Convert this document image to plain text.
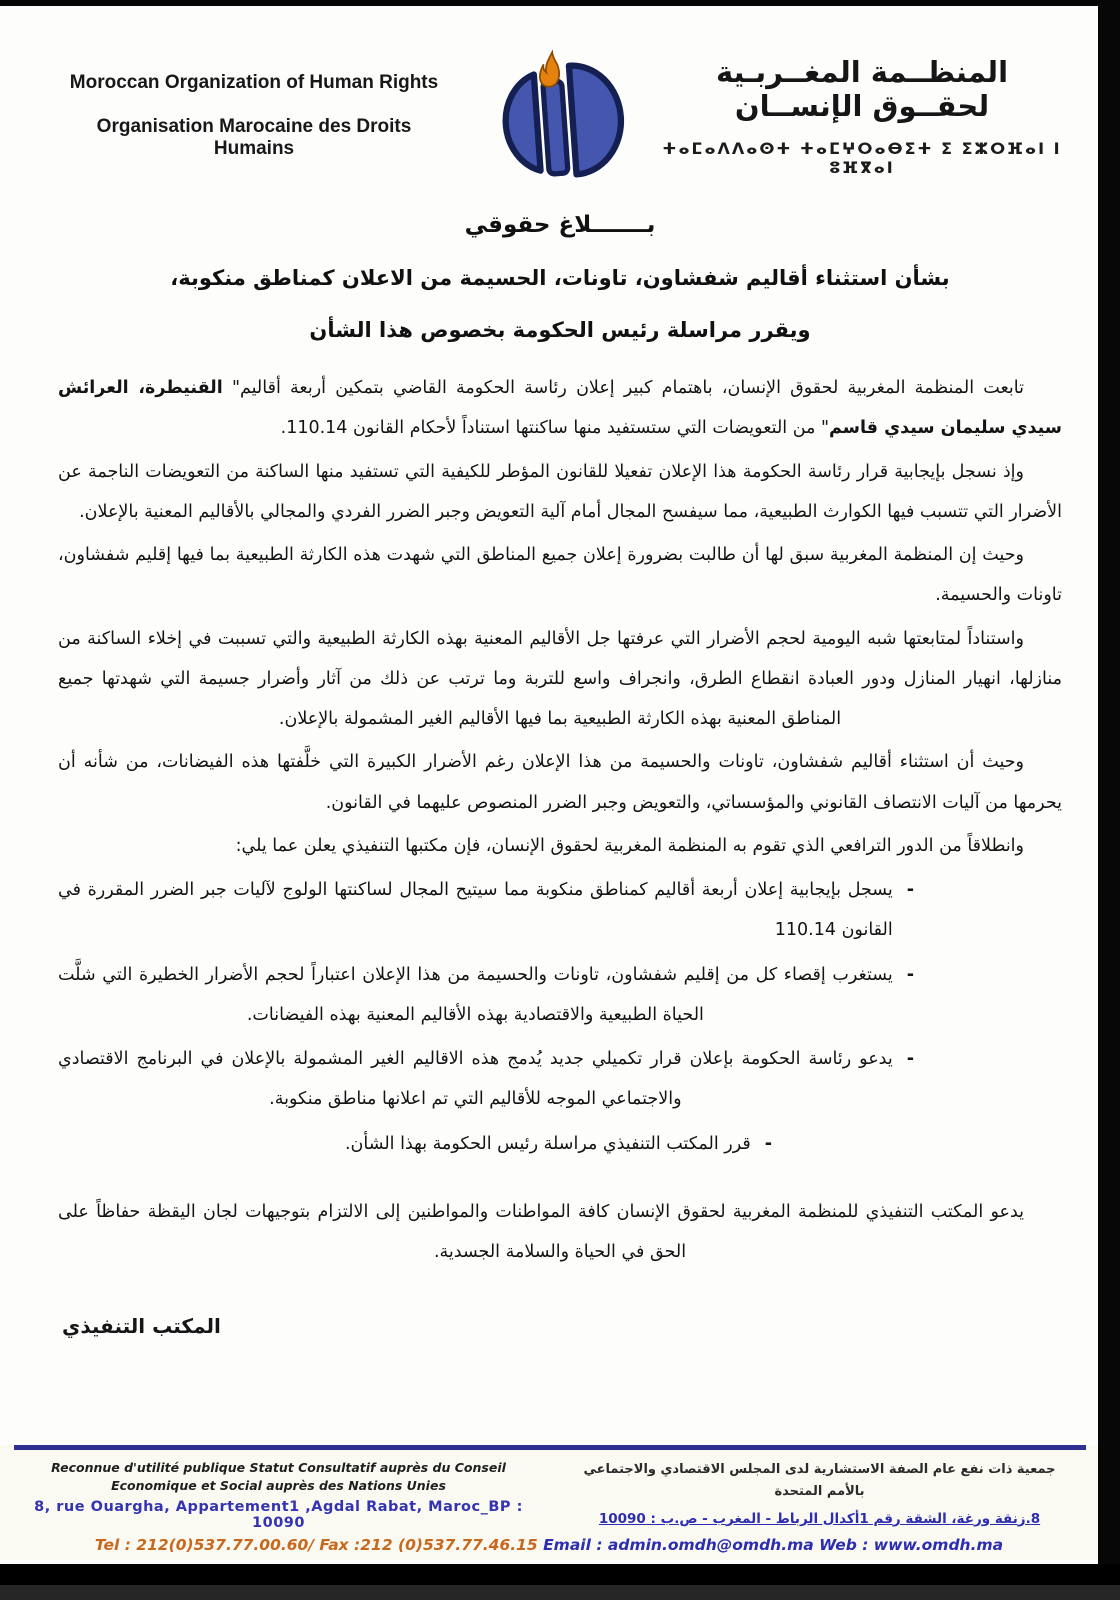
Moroccan Organization of Human Rights
Organisation Marocaine des Droits Humains
المنظــمة المغــربـية لحقــوق الإنســان
ⵜⴰⵎⴰⴷⴷⴰⵙⵜ ⵜⴰⵎⵖⵔⴰⴱⵉⵜ ⵉ ⵉⵣⵔⴼⴰⵏ ⵏ ⵓⴼⴳⴰⵏ
بـــــــلاغ حقوقي
بشأن استثناء أقاليم شفشاون، تاونات، الحسيمة من الاعلان كمناطق منكوبة،
ويقرر مراسلة رئيس الحكومة بخصوص هذا الشأن

تابعت المنظمة المغربية لحقوق الإنسان، باهتمام كبير إعلان رئاسة الحكومة القاضي بتمكين أربعة أقاليم" القنيطرة، العرائش سيدي سليمان سيدي قاسم" من التعويضات التي ستستفيد منها ساكنتها استناداً لأحكام القانون 110.14.

وإذ نسجل بإيجابية قرار رئاسة الحكومة هذا الإعلان تفعيلا للقانون المؤطر للكيفية التي تستفيد منها الساكنة من التعويضات الناجمة عن الأضرار التي تتسبب فيها الكوارث الطبيعية، مما سيفسح المجال أمام آلية التعويض وجبر الضرر الفردي والمجالي بالأقاليم المعنية بالإعلان.

وحيث إن المنظمة المغربية سبق لها أن طالبت بضرورة إعلان جميع المناطق التي شهدت هذه الكارثة الطبيعية بما فيها إقليم شفشاون، تاونات والحسيمة.

واستناداً لمتابعتها شبه اليومية لحجم الأضرار التي عرفتها جل الأقاليم المعنية بهذه الكارثة الطبيعية والتي تسببت في إخلاء الساكنة من منازلها، انهيار المنازل ودور العبادة انقطاع الطرق، وانجراف واسع للتربة وما ترتب عن ذلك من آثار وأضرار جسيمة التي شهدتها جميع المناطق المعنية بهذه الكارثة الطبيعية بما فيها الأقاليم الغير المشمولة بالإعلان.

وحيث أن استثناء أقاليم شفشاون، تاونات والحسيمة من هذا الإعلان رغم الأضرار الكبيرة التي خلَّفتها هذه الفيضانات، من شأنه أن يحرمها من آليات الانتصاف القانوني والمؤسساتي، والتعويض وجبر الضرر المنصوص عليهما في القانون.

وانطلاقاً من الدور الترافعي الذي تقوم به المنظمة المغربية لحقوق الإنسان، فإن مكتبها التنفيذي يعلن عما يلي:

-
يسجل بإيجابية إعلان أربعة أقاليم كمناطق منكوبة مما سيتيح المجال لساكنتها الولوج لآليات جبر الضرر المقررة في القانون 110.14
-
يستغرب إقصاء كل من إقليم شفشاون، تاونات والحسيمة من هذا الإعلان اعتباراً لحجم الأضرار الخطيرة التي شلَّت الحياة الطبيعية والاقتصادية بهذه الأقاليم المعنية بهذه الفيضانات.
-
يدعو رئاسة الحكومة بإعلان قرار تكميلي جديد يُدمج هذه الاقاليم الغير المشمولة بالإعلان في البرنامج الاقتصادي والاجتماعي الموجه للأقاليم التي تم اعلانها مناطق منكوبة.
-
قرر المكتب التنفيذي مراسلة رئيس الحكومة بهذا الشأن.

يدعو المكتب التنفيذي للمنظمة المغربية لحقوق الإنسان كافة المواطنات والمواطنين إلى الالتزام بتوجيهات لجان اليقظة حفاظاً على الحق في الحياة والسلامة الجسدية.

المكتب التنفيذي
Reconnue d'utilité publique Statut Consultatif auprès du Conseil Economique et Social auprès des Nations Unies
8, rue Ouargha, Appartement1 ,Agdal Rabat, Maroc_BP : 10090
جمعية ذات نفع عام الصفة الاستشارية لدى المجلس الاقتصادي والاجتماعي بالأمم المتحدة
8.زنقة ورغة، الشقة رقم 1أكدال الرباط - المغرب - ص.ب : 10090
Tel : 212(0)537.77.00.60/ Fax :212 (0)537.77.46.15 Email : admin.omdh@omdh.ma Web : www.omdh.ma
